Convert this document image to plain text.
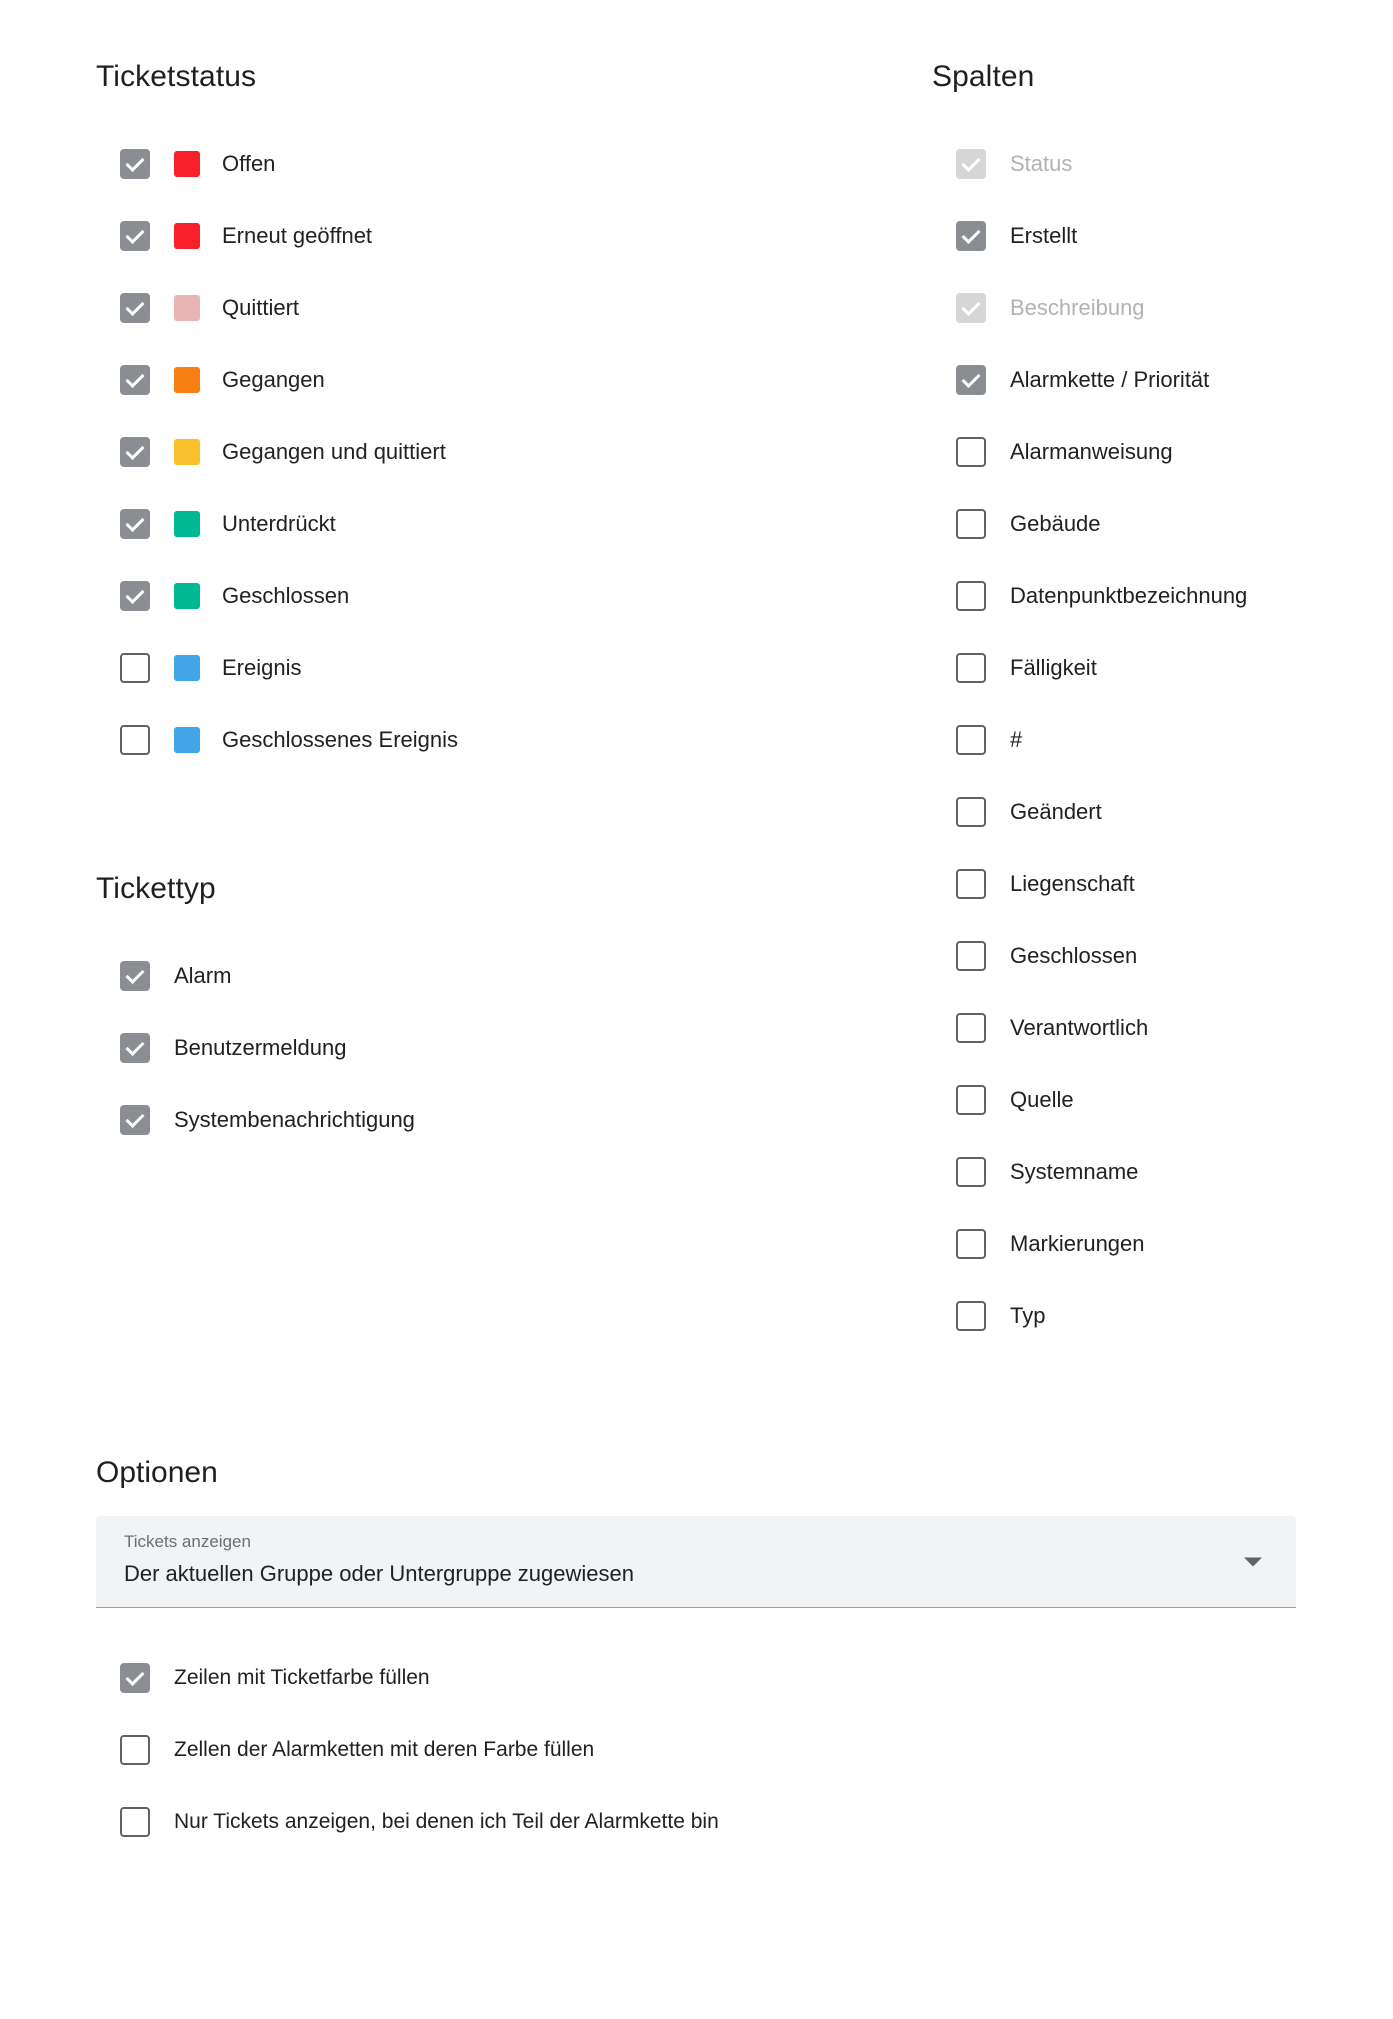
Ticketstatus
Offen
Erneut geöffnet
Quittiert
Gegangen
Gegangen und quittiert
Unterdrückt
Geschlossen
Ereignis
Geschlossenes Ereignis
Tickettyp
Alarm
Benutzermeldung
Systembenachrichtigung
Spalten
Status
Erstellt
Beschreibung
Alarmkette / Priorität
Alarmanweisung
Gebäude
Datenpunktbezeichnung
Fälligkeit
#
Geändert
Liegenschaft
Geschlossen
Verantwortlich
Quelle
Systemname
Markierungen
Typ
Optionen
Tickets anzeigen
Der aktuellen Gruppe oder Untergruppe zugewiesen
Zeilen mit Ticketfarbe füllen
Zellen der Alarmketten mit deren Farbe füllen
Nur Tickets anzeigen, bei denen ich Teil der Alarmkette bin
